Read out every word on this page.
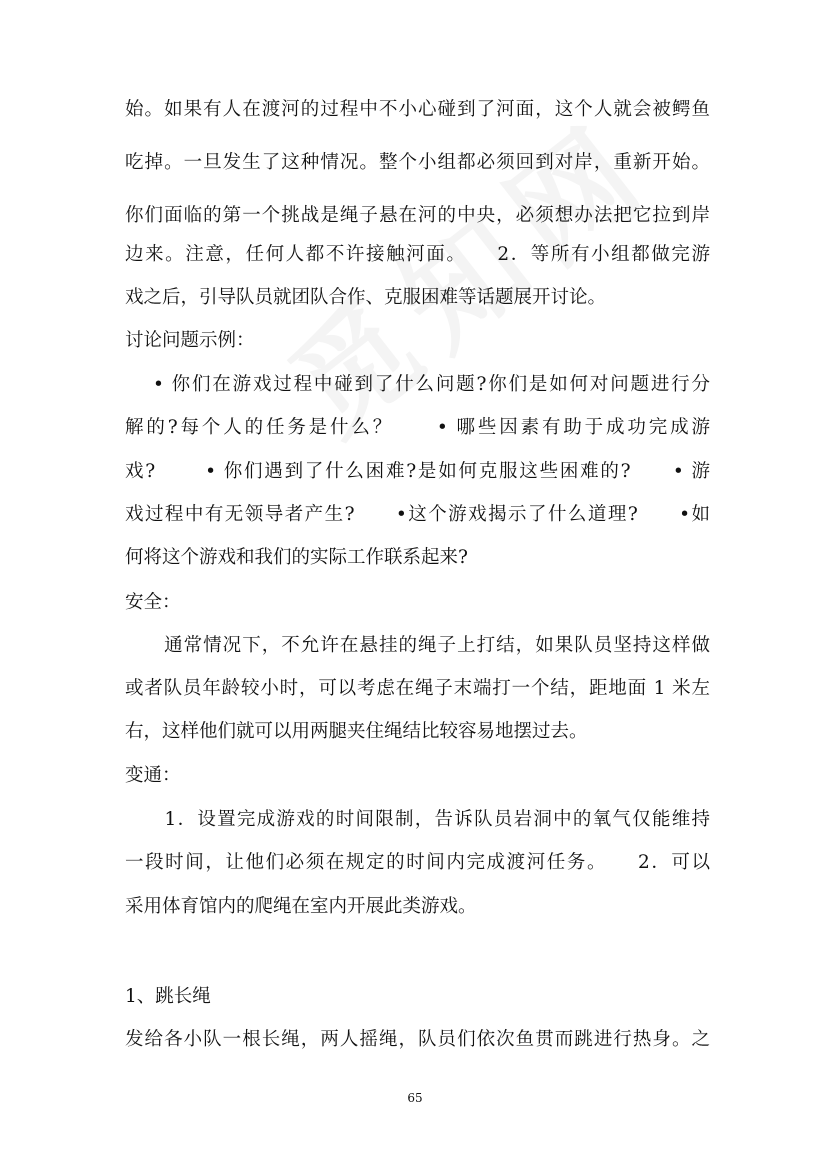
始。如果有人在渡河的过程中不小心碰到了河面，这个人就会被鳄鱼
吃掉。一旦发生了这种情况。整个小组都必须回到对岸，重新开始。
你们面临的第一个挑战是绳子悬在河的中央，必须想办法把它拉到岸
边来。注意，任何人都不许接触河面。　　2．等所有小组都做完游
戏之后，引导队员就团队合作、克服困难等话题展开讨论。
讨论问题示例：
　 • 你们在游戏过程中碰到了什么问题?你们是如何对问题进行分
解的?每个人的任务是什么？　　• 哪些因素有助于成功完成游
戏?　　 • 你们遇到了什么困难?是如何克服这些困难的?　　• 游
戏过程中有无领导者产生?　　•这个游戏揭示了什么道理?　　•如
何将这个游戏和我们的实际工作联系起来?
安全：
　　通常情况下，不允许在悬挂的绳子上打结，如果队员坚持这样做
或者队员年龄较小时，可以考虑在绳子末端打一个结，距地面 1 米左
右，这样他们就可以用两腿夹住绳结比较容易地摆过去。
变通：
　　1．设置完成游戏的时间限制，告诉队员岩洞中的氧气仅能维持
一段时间，让他们必须在规定的时间内完成渡河任务。　　2．可以
采用体育馆内的爬绳在室内开展此类游戏。
1、跳长绳
发给各小队一根长绳，两人摇绳，队员们依次鱼贯而跳进行热身。之
65
